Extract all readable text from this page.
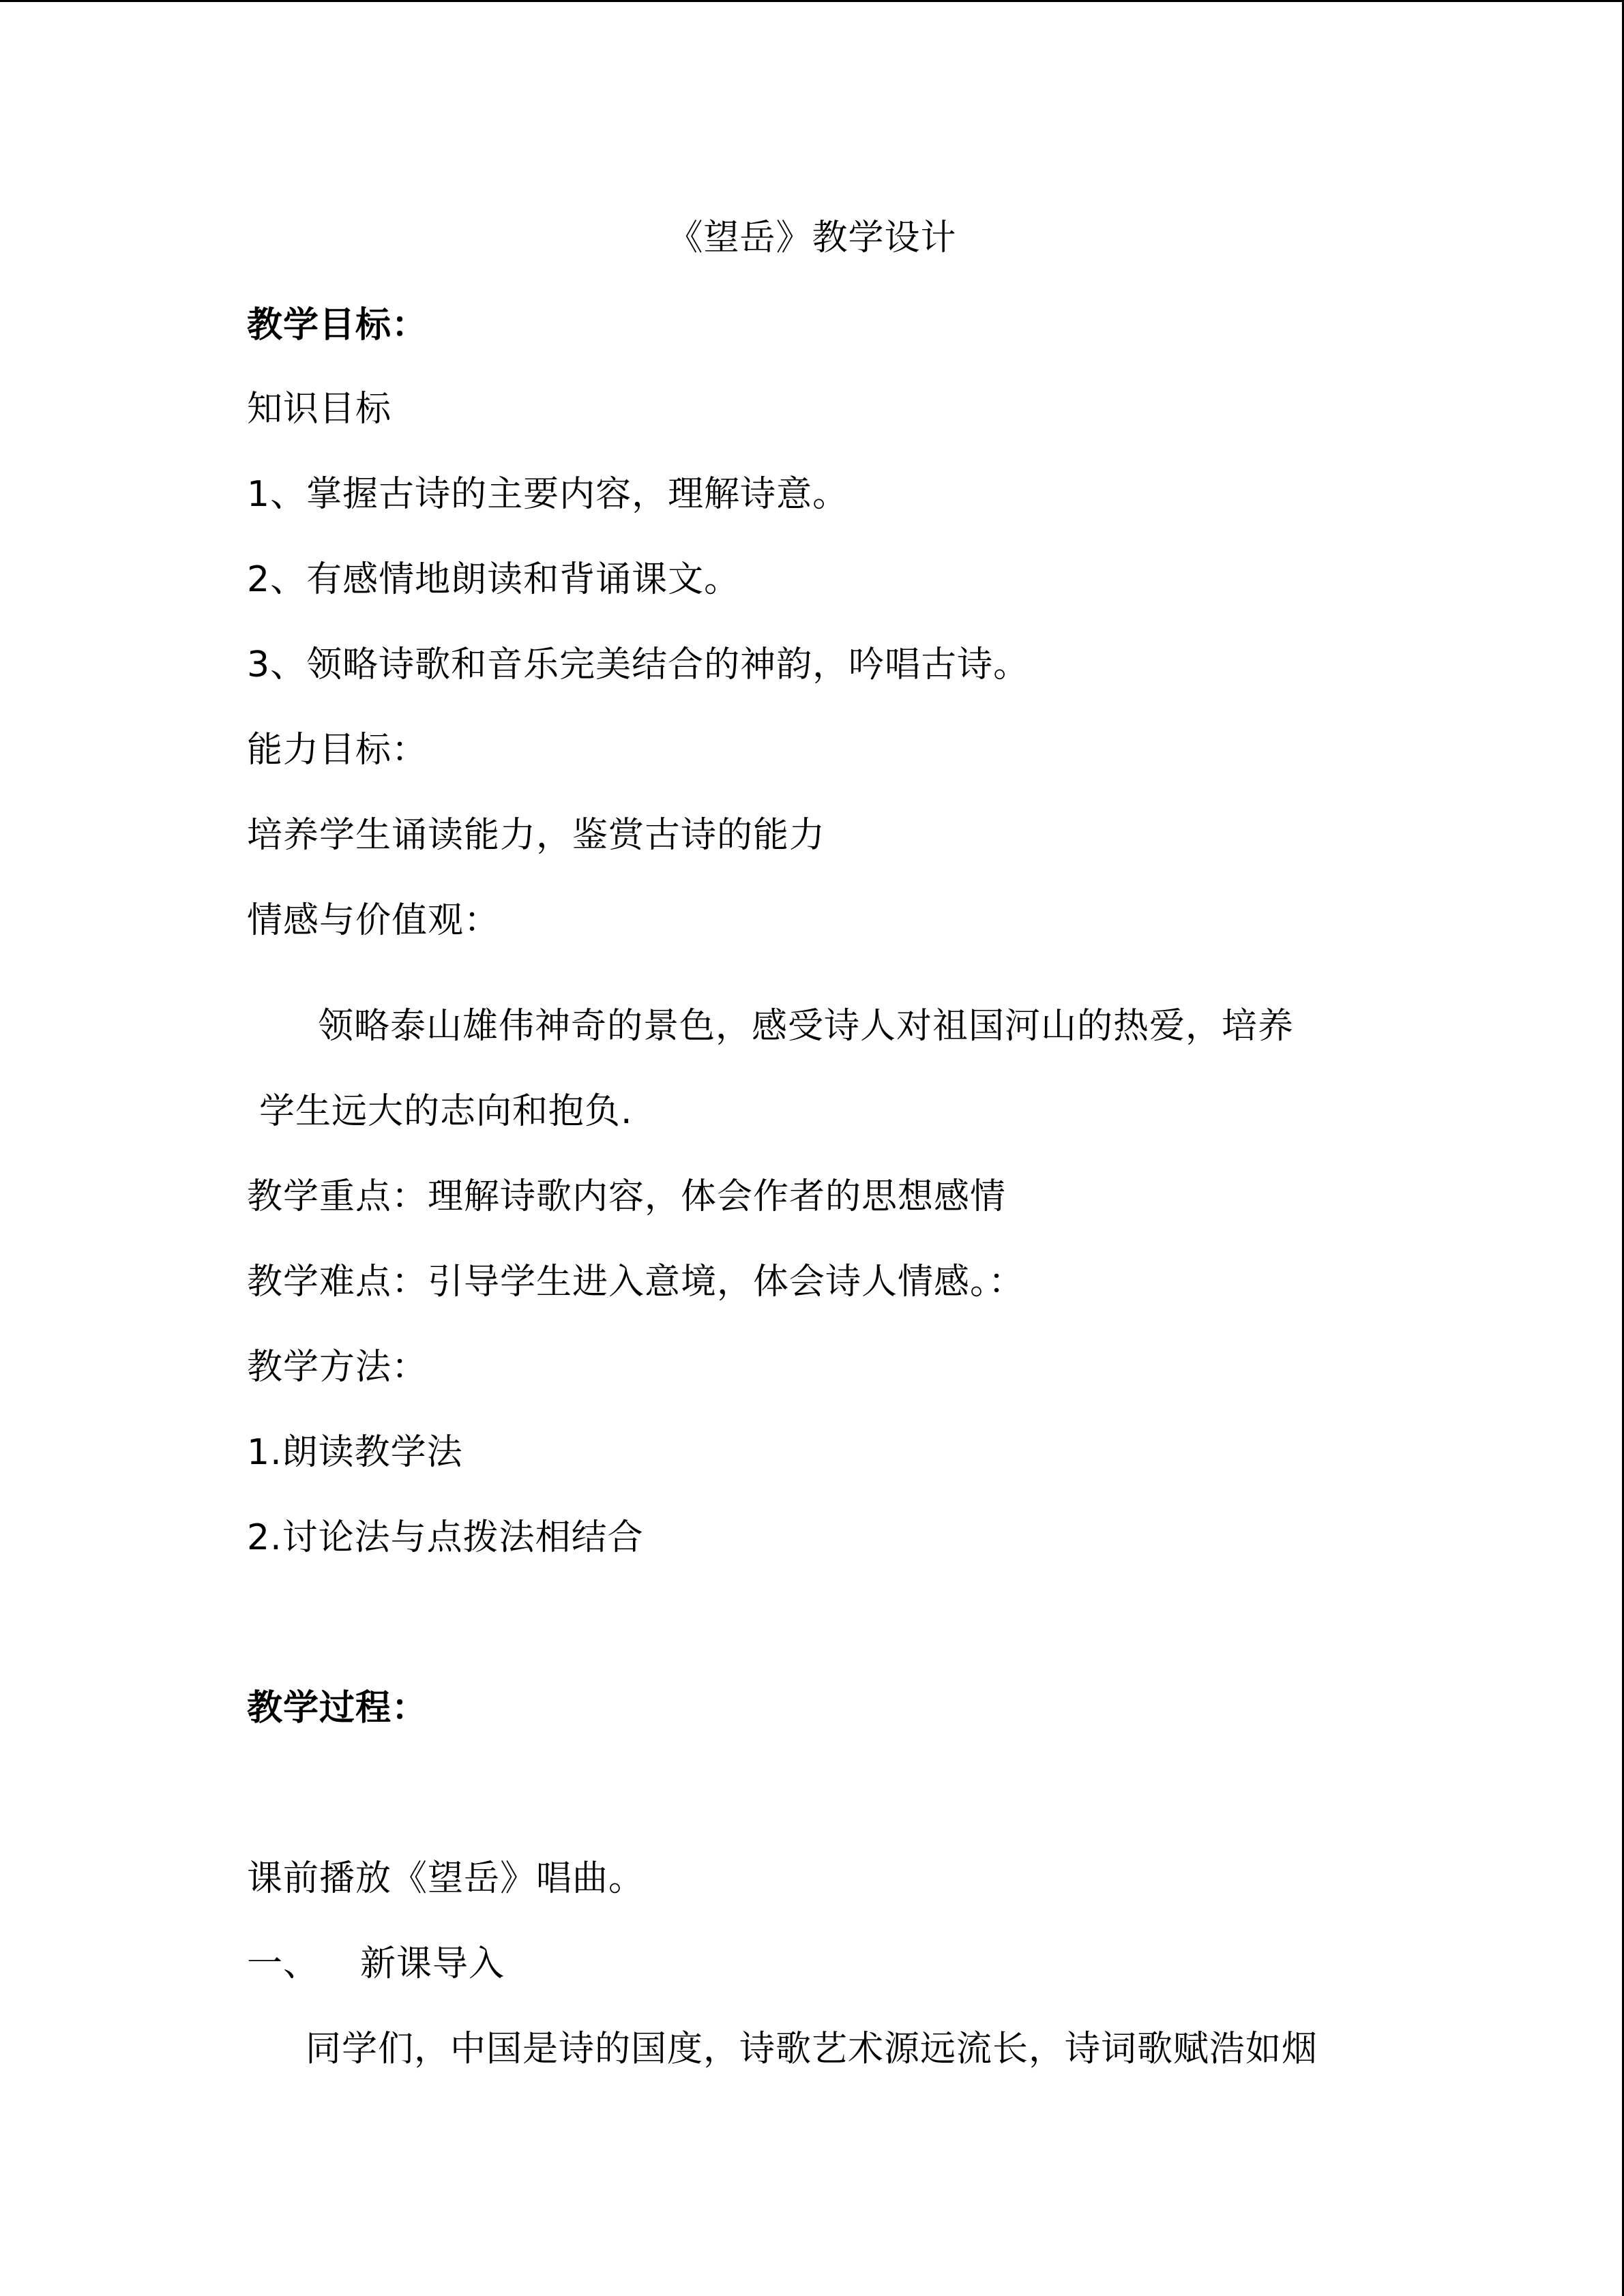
《望岳》教学设计
教学目标：
知识目标
1、掌握古诗的主要内容，理解诗意。
2、有感情地朗读和背诵课文。
3、领略诗歌和音乐完美结合的神韵，吟唱古诗。
能力目标：
培养学生诵读能力，鉴赏古诗的能力
情感与价值观：
领略泰山雄伟神奇的景色，感受诗人对祖国河山的热爱，培养
学生远大的志向和抱负.
教学重点：理解诗歌内容，体会作者的思想感情
教学难点：引导学生进入意境，体会诗人情感。：
教学方法：
1.朗读教学法
2.讨论法与点拨法相结合
教学过程：
课前播放《望岳》唱曲。
一、 新课导入
同学们，中国是诗的国度，诗歌艺术源远流长，诗词歌赋浩如烟
